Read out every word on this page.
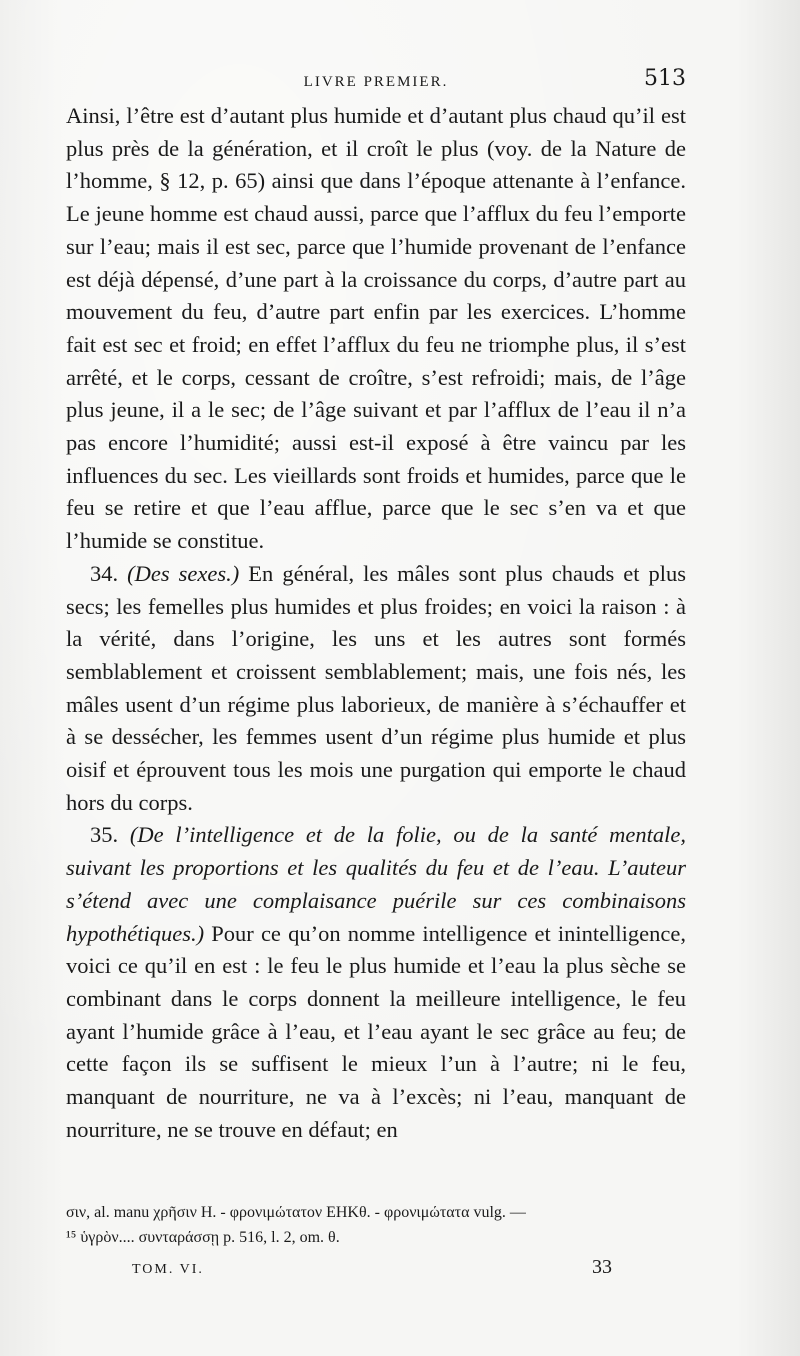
LIVRE PREMIER.	513

Ainsi, l’être est d’autant plus humide et d’autant plus chaud qu’il est plus près de la génération, et il croît le plus (voy. de la Nature de l’homme, § 12, p. 65) ainsi que dans l’époque attenante à l’enfance. Le jeune homme est chaud aussi, parce que l’afflux du feu l’emporte sur l’eau; mais il est sec, parce que l’humide provenant de l’enfance est déjà dépensé, d’une part à la croissance du corps, d’autre part au mouvement du feu, d’autre part enfin par les exercices. L’homme fait est sec et froid; en effet l’afflux du feu ne triomphe plus, il s’est arrêté, et le corps, cessant de croître, s’est refroidi; mais, de l’âge plus jeune, il a le sec; de l’âge suivant et par l’afflux de l’eau il n’a pas encore l’humidité; aussi est-il exposé à être vaincu par les influences du sec. Les vieillards sont froids et humides, parce que le feu se retire et que l’eau afflue, parce que le sec s’en va et que l’humide se constitue.

34. (Des sexes.) En général, les mâles sont plus chauds et plus secs; les femelles plus humides et plus froides; en voici la raison : à la vérité, dans l’origine, les uns et les autres sont formés semblablement et croissent semblablement; mais, une fois nés, les mâles usent d’un régime plus laborieux, de manière à s’échauffer et à se dessécher, les femmes usent d’un régime plus humide et plus oisif et éprouvent tous les mois une purgation qui emporte le chaud hors du corps.

35. (De l’intelligence et de la folie, ou de la santé mentale, suivant les proportions et les qualités du feu et de l’eau. L’auteur s’étend avec une complaisance puérile sur ces combinaisons hypothétiques.) Pour ce qu’on nomme intelligence et inintelligence, voici ce qu’il en est : le feu le plus humide et l’eau la plus sèche se combinant dans le corps donnent la meilleure intelligence, le feu ayant l’humide grâce à l’eau, et l’eau ayant le sec grâce au feu; de cette façon ils se suffisent le mieux l’un à l’autre; ni le feu, manquant de nourriture, ne va à l’excès; ni l’eau, manquant de nourriture, ne se trouve en défaut; en

σιν, al. manu χρῆσιν H. - φρονιμώτατον EHKθ. - φρονιμώτατα vulg. —

¹⁵ ὑγρὸν.... συνταράσσῃ p. 516, l. 2, om. θ.

TOM. VI.	33
